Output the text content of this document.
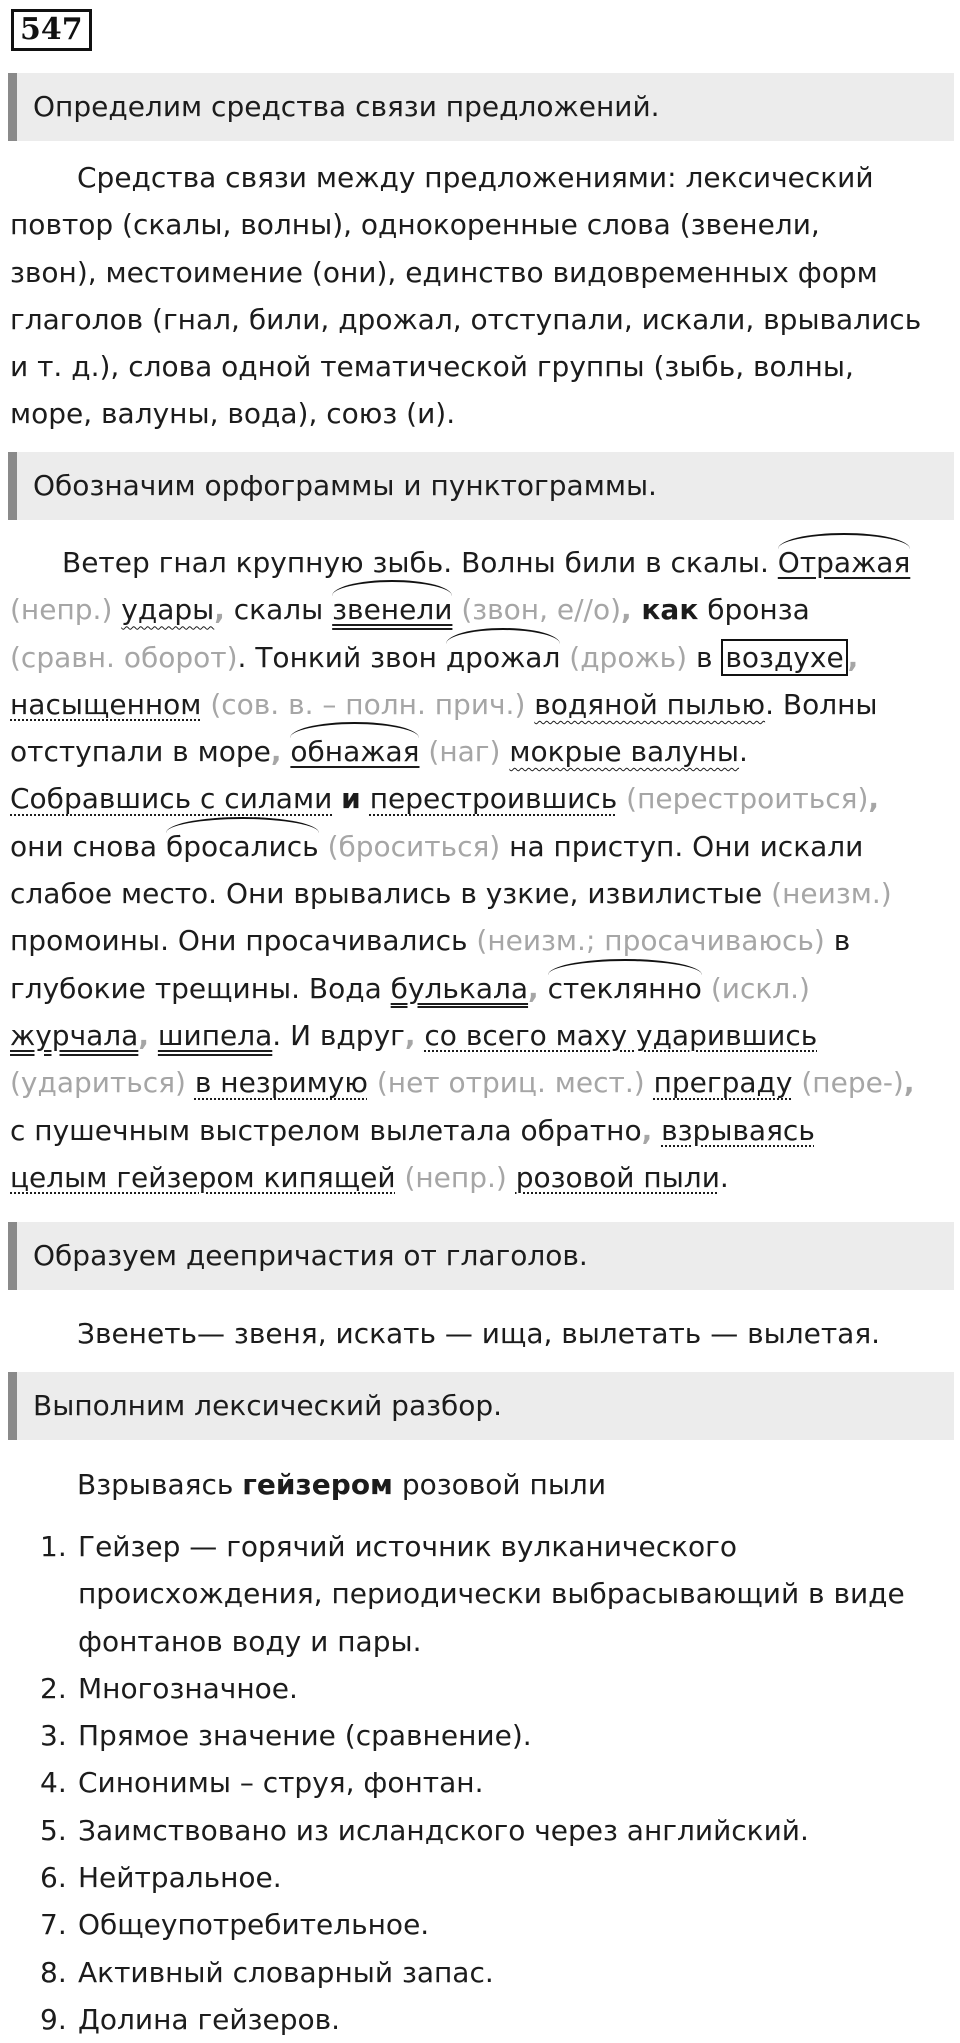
547
Определим средства связи предложений.
Средства связи между предложениями: лексический
повтор (скалы, волны), однокоренные слова (звенели,
звон), местоимение (они), единство видовременных форм
глаголов (гнал, били, дрожал, отступали, искали, врывались
и т. д.), слова одной тематической группы (зыбь, волны,
море, валуны, вода), союз (и).
Обозначим орфограммы и пунктограммы.
Ветер гнал крупную зыбь. Волны били в скалы. Отражая
(непр.) удары, скалы звенели (звон, е//о), как бронза
(сравн. оборот). Тонкий звон дрожал (дрожь) в воздухе ,
насыщенном (сов. в. – полн. прич.) водяной пылью. Волны
отступали в море, обнажая (наг) мокрые валуны.
Собравшись с силами и перестроившись (перестроиться),
они снова бросались (броситься) на приступ. Они искали
слабое место. Они врывались в узкие, извилистые (неизм.)
промоины. Они просачивались (неизм.; просачиваюсь) в
глубокие трещины. Вода булькала, стеклянно (искл.)
журчала, шипела. И вдруг, со всего маху ударившись
(удариться) в незримую (нет отриц. мест.) преграду (пере-),
с пушечным выстрелом вылетала обратно, взрываясь
целым гейзером кипящей (непр.) розовой пыли.
Образуем деепричастия от глаголов.
Звенеть— звеня, искать — ища, вылетать — вылетая.
Выполним лексический разбор.
Взрываясь гейзером розовой пыли
1. Гейзер — горячий источник вулканического
происхождения, периодически выбрасывающий в виде
фонтанов воду и пары.
2. Многозначное.
3. Прямое значение (сравнение).
4. Синонимы – струя, фонтан.
5. Заимствовано из исландского через английский.
6. Нейтральное.
7. Общеупотребительное.
8. Активный словарный запас.
9. Долина гейзеров.
